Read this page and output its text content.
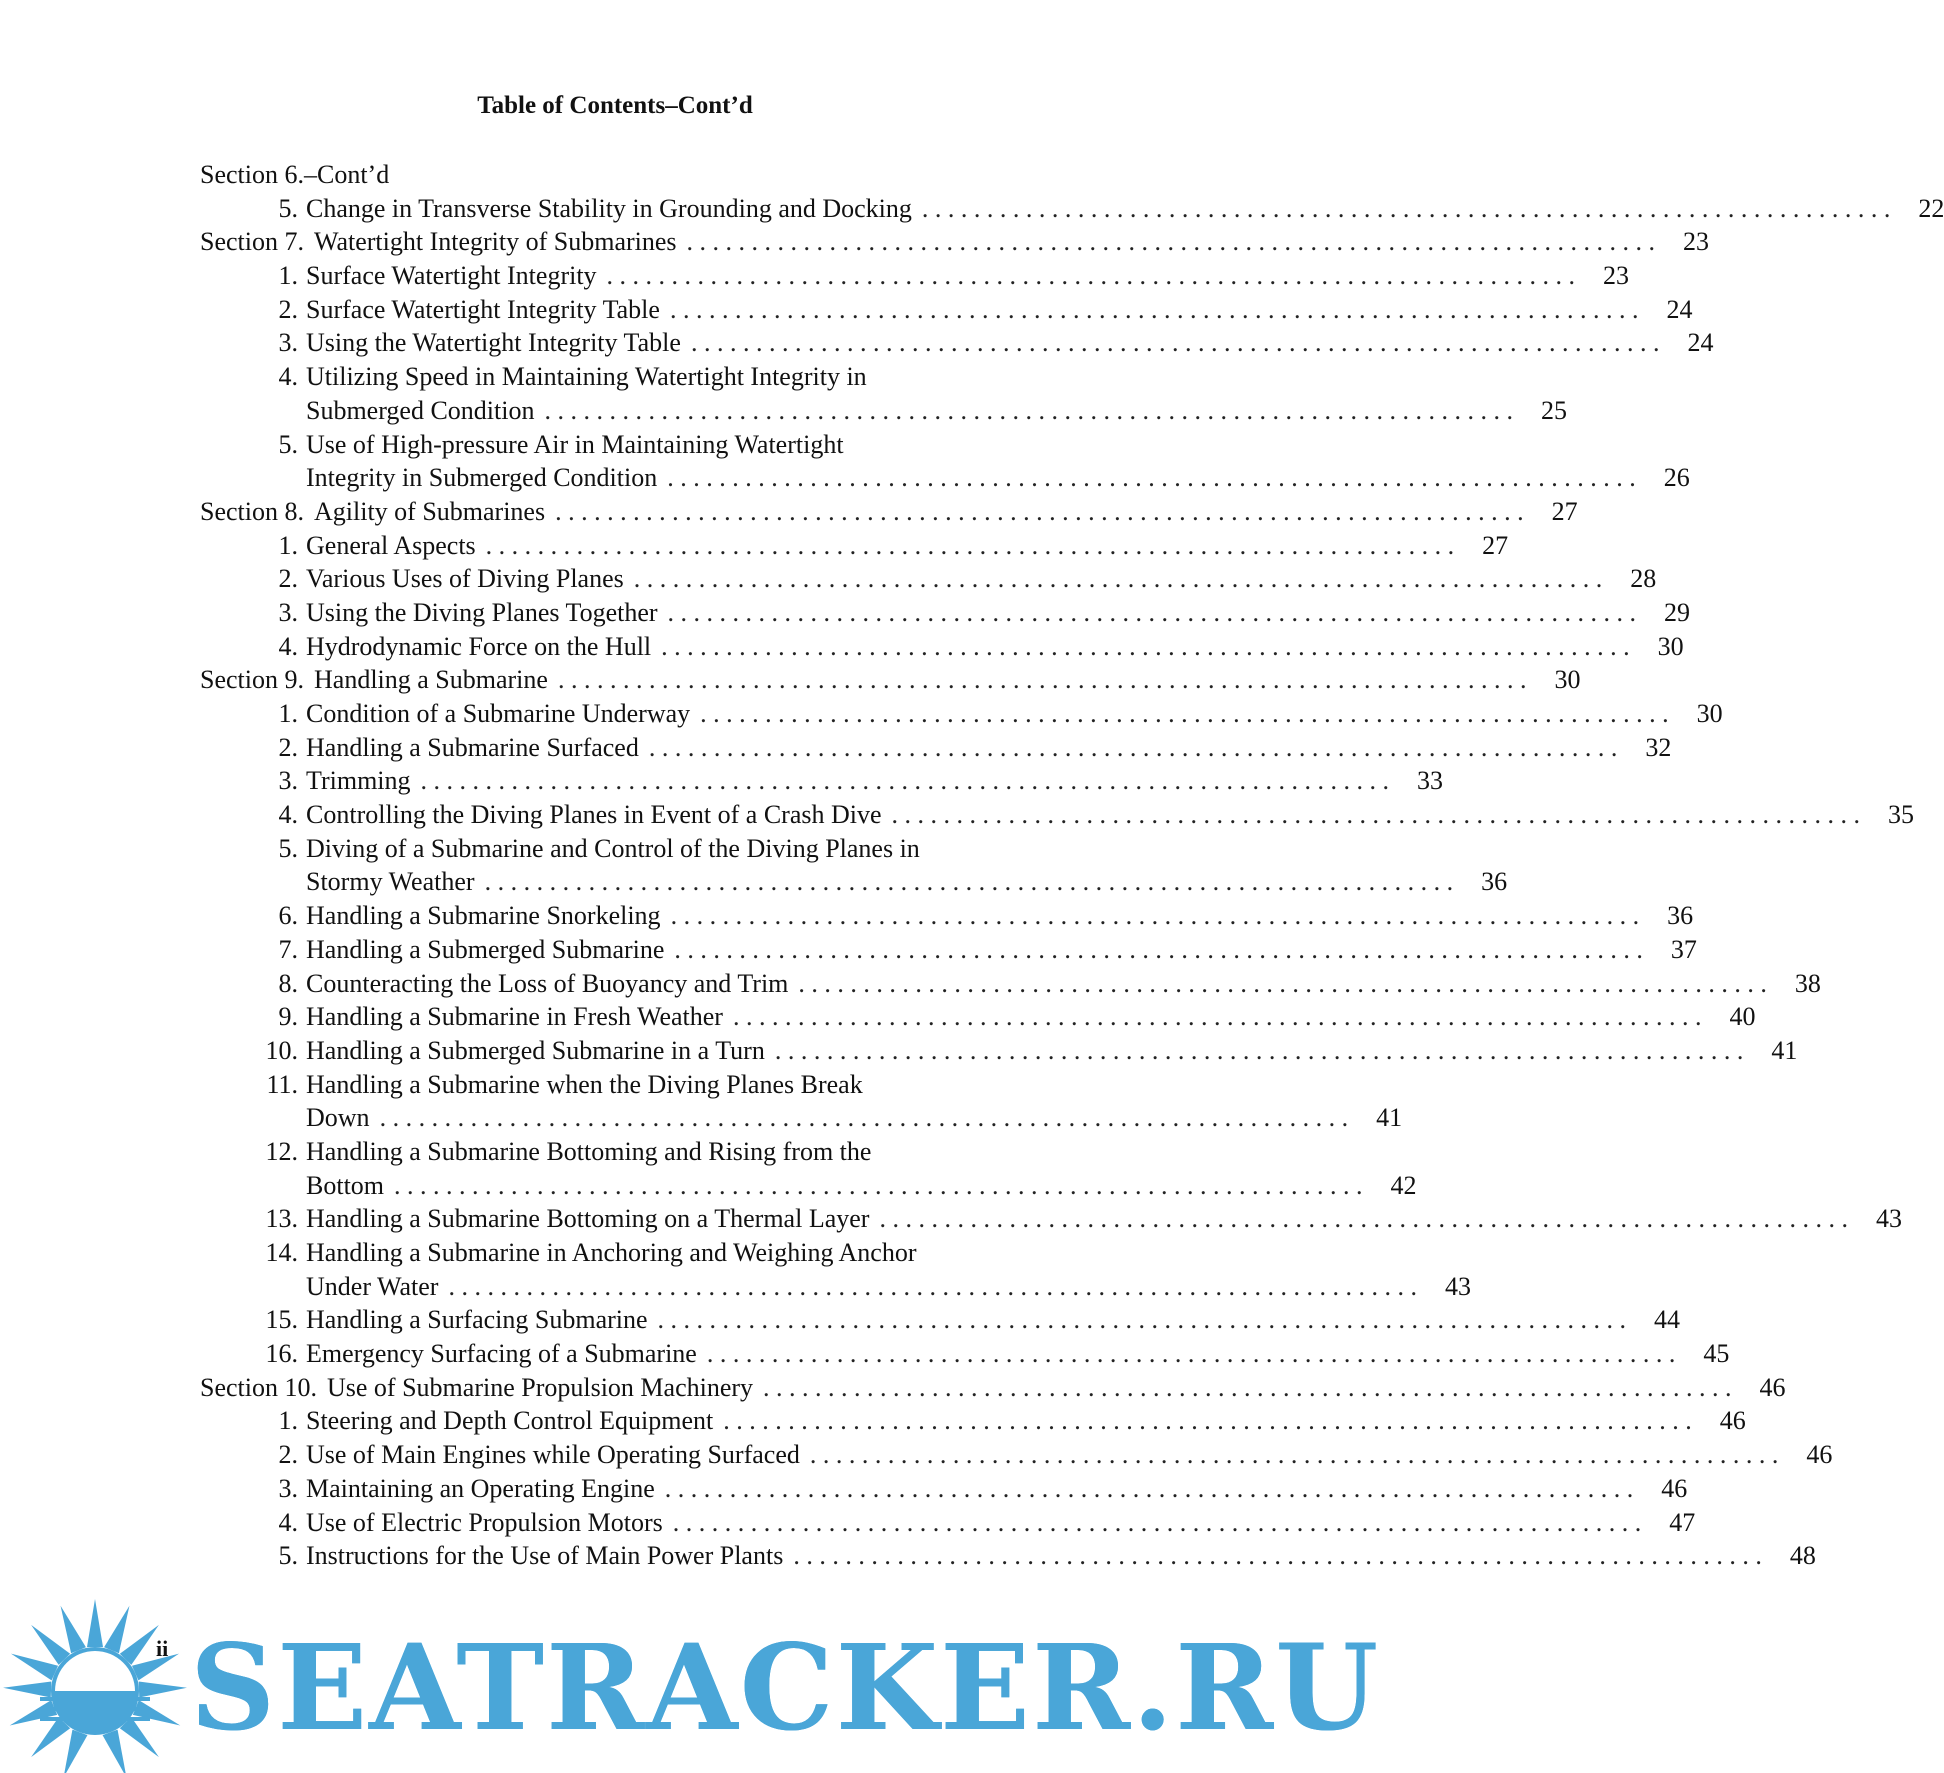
Table of Contents–Cont’d
Section 6.–Cont’d
5. Change in Transverse Stability in Grounding and Docking . . .	22
Section 7. Watertight Integrity of Submarines . . .	23
1. Surface Watertight Integrity . . .	23
2. Surface Watertight Integrity Table . . .	24
3. Using the Watertight Integrity Table . . .	24
4. Utilizing Speed in Maintaining Watertight Integrity in
Submerged Condition . . .	25
5. Use of High-pressure Air in Maintaining Watertight
Integrity in Submerged Condition . . .	26
Section 8. Agility of Submarines . . .	27
1. General Aspects . . .	27
2. Various Uses of Diving Planes . . .	28
3. Using the Diving Planes Together . . .	29
4. Hydrodynamic Force on the Hull . . .	30
Section 9. Handling a Submarine . . .	30
1. Condition of a Submarine Underway . . .	30
2. Handling a Submarine Surfaced . . .	32
3. Trimming . . .	33
4. Controlling the Diving Planes in Event of a Crash Dive . . .	35
5. Diving of a Submarine and Control of the Diving Planes in
Stormy Weather . . .	36
6. Handling a Submarine Snorkeling . . .	36
7. Handling a Submerged Submarine . . .	37
8. Counteracting the Loss of Buoyancy and Trim . . .	38
9. Handling a Submarine in Fresh Weather . . .	40
10. Handling a Submerged Submarine in a Turn . . .	41
11. Handling a Submarine when the Diving Planes Break
Down . . .	41
12. Handling a Submarine Bottoming and Rising from the
Bottom . . .	42
13. Handling a Submarine Bottoming on a Thermal Layer . . .	43
14. Handling a Submarine in Anchoring and Weighing Anchor
Under Water . . .	43
15. Handling a Surfacing Submarine . . .	44
16. Emergency Surfacing of a Submarine . . .	45
Section 10. Use of Submarine Propulsion Machinery . . .	46
1. Steering and Depth Control Equipment . . .	46
2. Use of Main Engines while Operating Surfaced . . .	46
3. Maintaining an Operating Engine . . .	46
4. Use of Electric Propulsion Motors . . .	47
5. Instructions for the Use of Main Power Plants . . .	48
ii SEATRACKER.RU
